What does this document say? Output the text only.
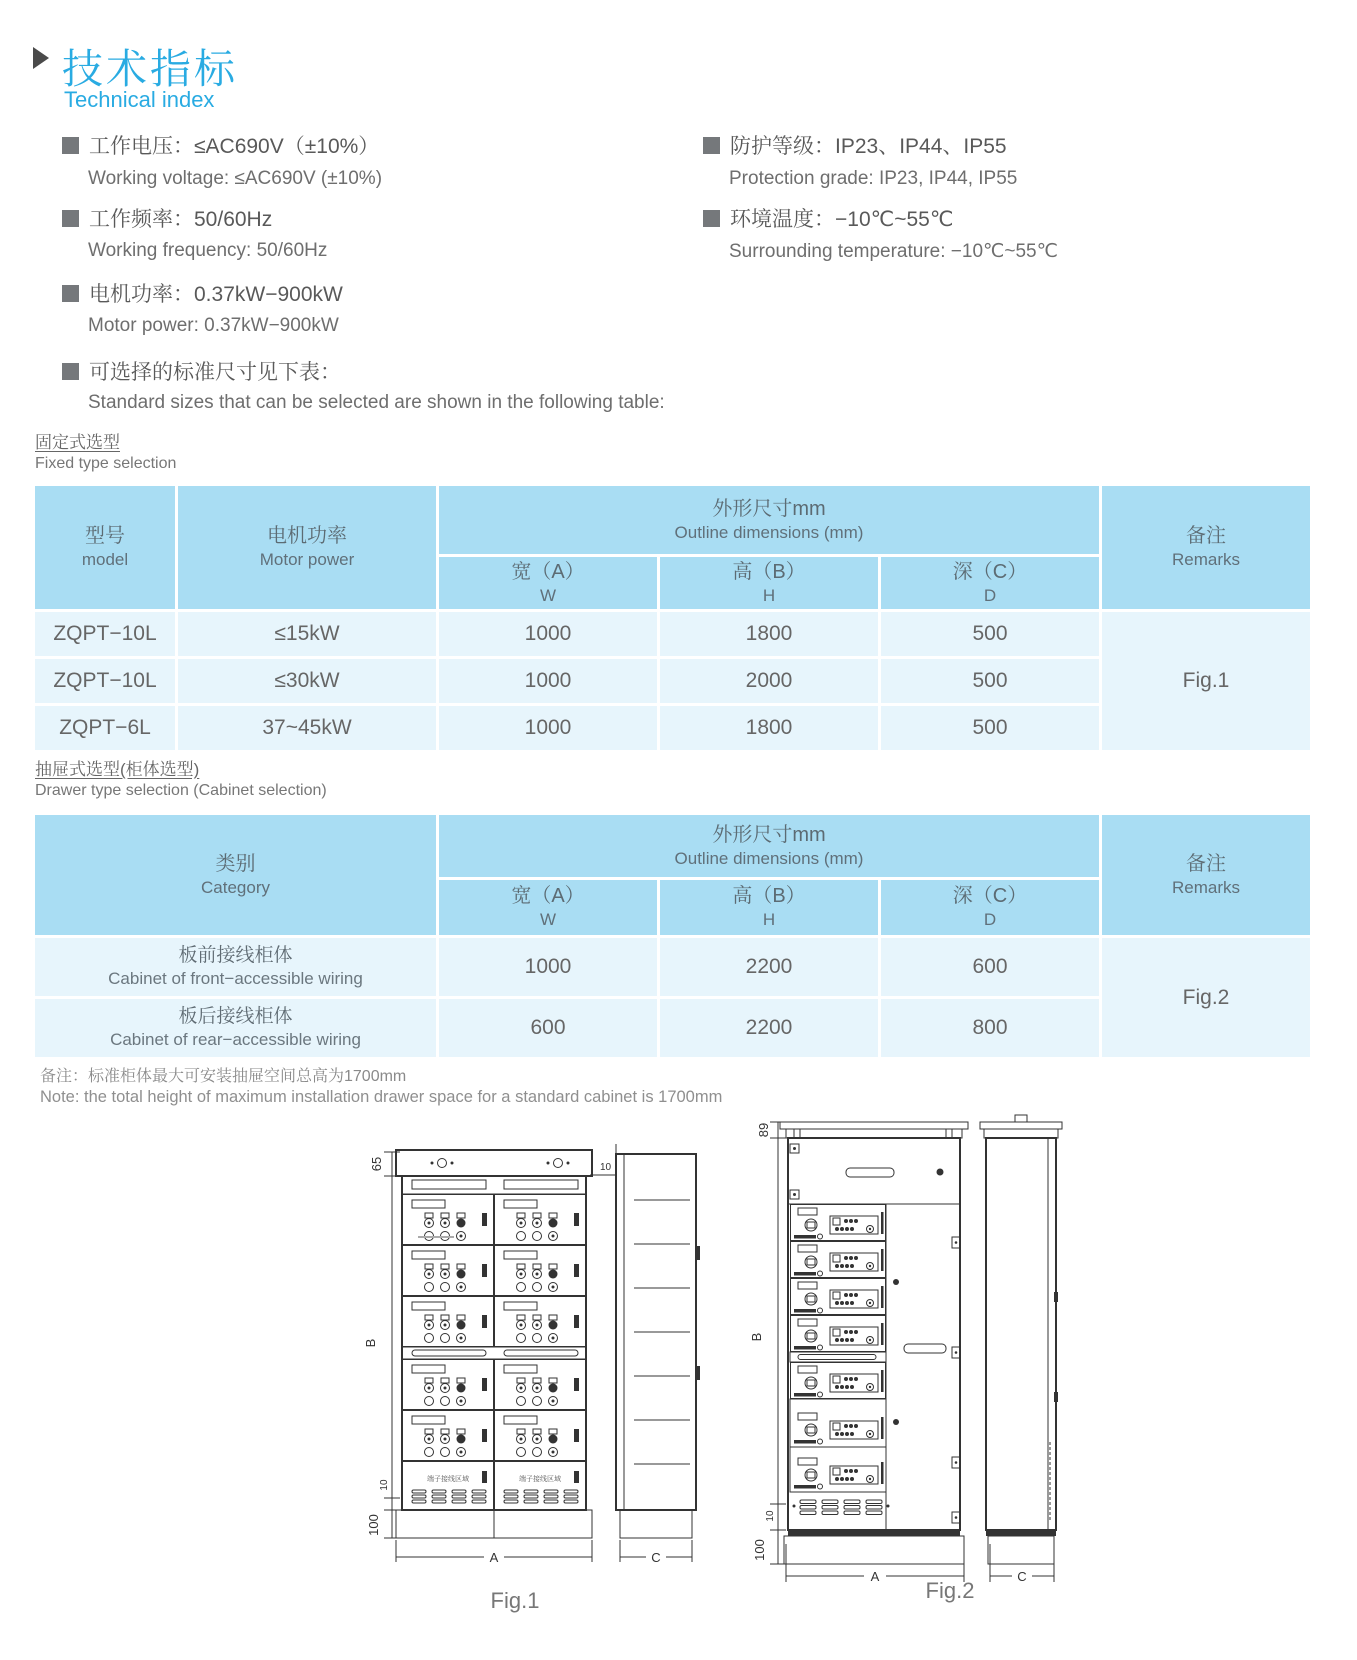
技术指标
Technical index
工作电压：≤AC690V（±10%）
Working voltage: ≤AC690V (±10%)
工作频率：50/60Hz
Working frequency: 50/60Hz
电机功率：0.37kW−900kW
Motor power: 0.37kW−900kW
可选择的标准尺寸见下表：
Standard sizes that can be selected are shown in the following table:
防护等级：IP23、IP44、IP55
Protection grade: IP23, IP44, IP55
环境温度：−10℃~55℃
Surrounding temperature: −10℃~55℃
固定式选型
Fixed type selection
型号
model
电机功率
Motor power
外形尺寸mm
Outline dimensions (mm)	备注
Remarks
宽（A）
W
高（B）
H
深（C）
D
ZQPT−10L	≤15kW	1000	1800	500
ZQPT−10L	≤30kW	1000	2000	500
ZQPT−6L	37~45kW	1000	1800	500
Fig.1
抽屉式选型(柜体选型)
Drawer type selection (Cabinet selection)
类别
Category
外形尺寸mm
Outline dimensions (mm)	备注
Remarks
宽（A）
W
高（B）
H
深（C）
D
板前接线柜体
Cabinet of front−accessible wiring
1000	2200	600
板后接线柜体
Cabinet of rear−accessible wiring
600	2200	800
Fig.2
备注：标准柜体最大可安装抽屉空间总高为1700mm
Note: the total height of maximum installation drawer space for a standard cabinet is 1700mm
端子接线区域
65
B
10
100
10
A	C
Fig.1
89
B
10
100
A	C
Fig.2
